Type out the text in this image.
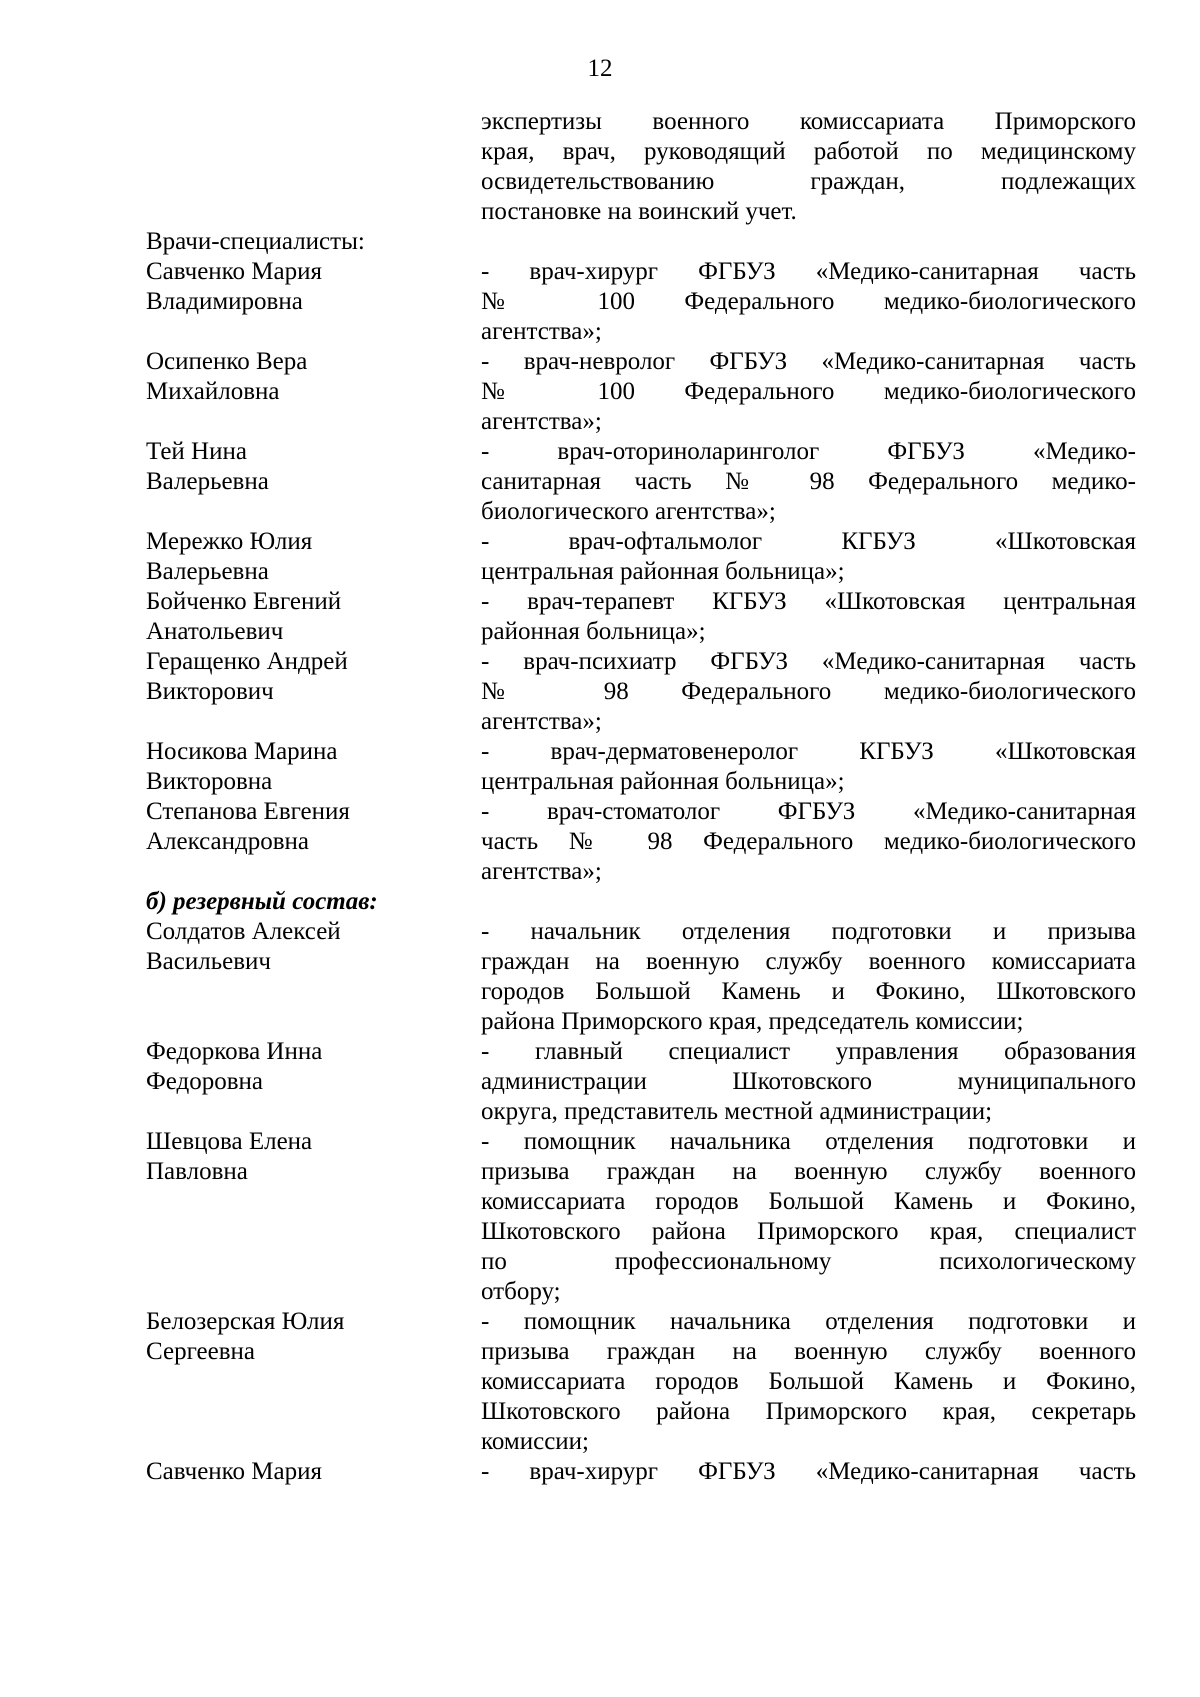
12
экспертизы военного комиссариата Приморского
края, врач, руководящий работой по медицинскому
освидетельствованию граждан, подлежащих
постановке на воинский учет.
Врачи-специалисты:
Савченко Мария
Владимировна
- врач-хирург ФГБУЗ «Медико-санитарная часть
№ 100 Федерального медико-биологического
агентства»;
Осипенко Вера
Михайловна
- врач-невролог ФГБУЗ «Медико-санитарная часть
№ 100 Федерального медико-биологического
агентства»;
Тей Нина
Валерьевна
- врач-оториноларинголог ФГБУЗ «Медико-
санитарная часть № 98 Федерального медико-
биологического агентства»;
Мережко Юлия
Валерьевна
- врач-офтальмолог КГБУЗ «Шкотовская
центральная районная больница»;
Бойченко Евгений
Анатольевич
- врач-терапевт КГБУЗ «Шкотовская центральная
районная больница»;
Геращенко Андрей
Викторович
- врач-психиатр ФГБУЗ «Медико-санитарная часть
№ 98 Федерального медико-биологического
агентства»;
Носикова Марина
Викторовна
- врач-дерматовенеролог КГБУЗ «Шкотовская
центральная районная больница»;
Степанова Евгения
Александровна
- врач-стоматолог ФГБУЗ «Медико-санитарная
часть № 98 Федерального медико-биологического
агентства»;
б) резервный состав:
Солдатов Алексей
Васильевич
- начальник отделения подготовки и призыва
граждан на военную службу военного комиссариата
городов Большой Камень и Фокино, Шкотовского
района Приморского края, председатель комиссии;
Федоркова Инна
Федоровна
- главный специалист управления образования
администрации Шкотовского муниципального
округа, представитель местной администрации;
Шевцова Елена
Павловна
- помощник начальника отделения подготовки и
призыва граждан на военную службу военного
комиссариата городов Большой Камень и Фокино,
Шкотовского района Приморского края, специалист
по профессиональному психологическому
отбору;
Белозерская Юлия
Сергеевна
- помощник начальника отделения подготовки и
призыва граждан на военную службу военного
комиссариата городов Большой Камень и Фокино,
Шкотовского района Приморского края, секретарь
комиссии;
Савченко Мария	- врач-хирург ФГБУЗ «Медико-санитарная часть
